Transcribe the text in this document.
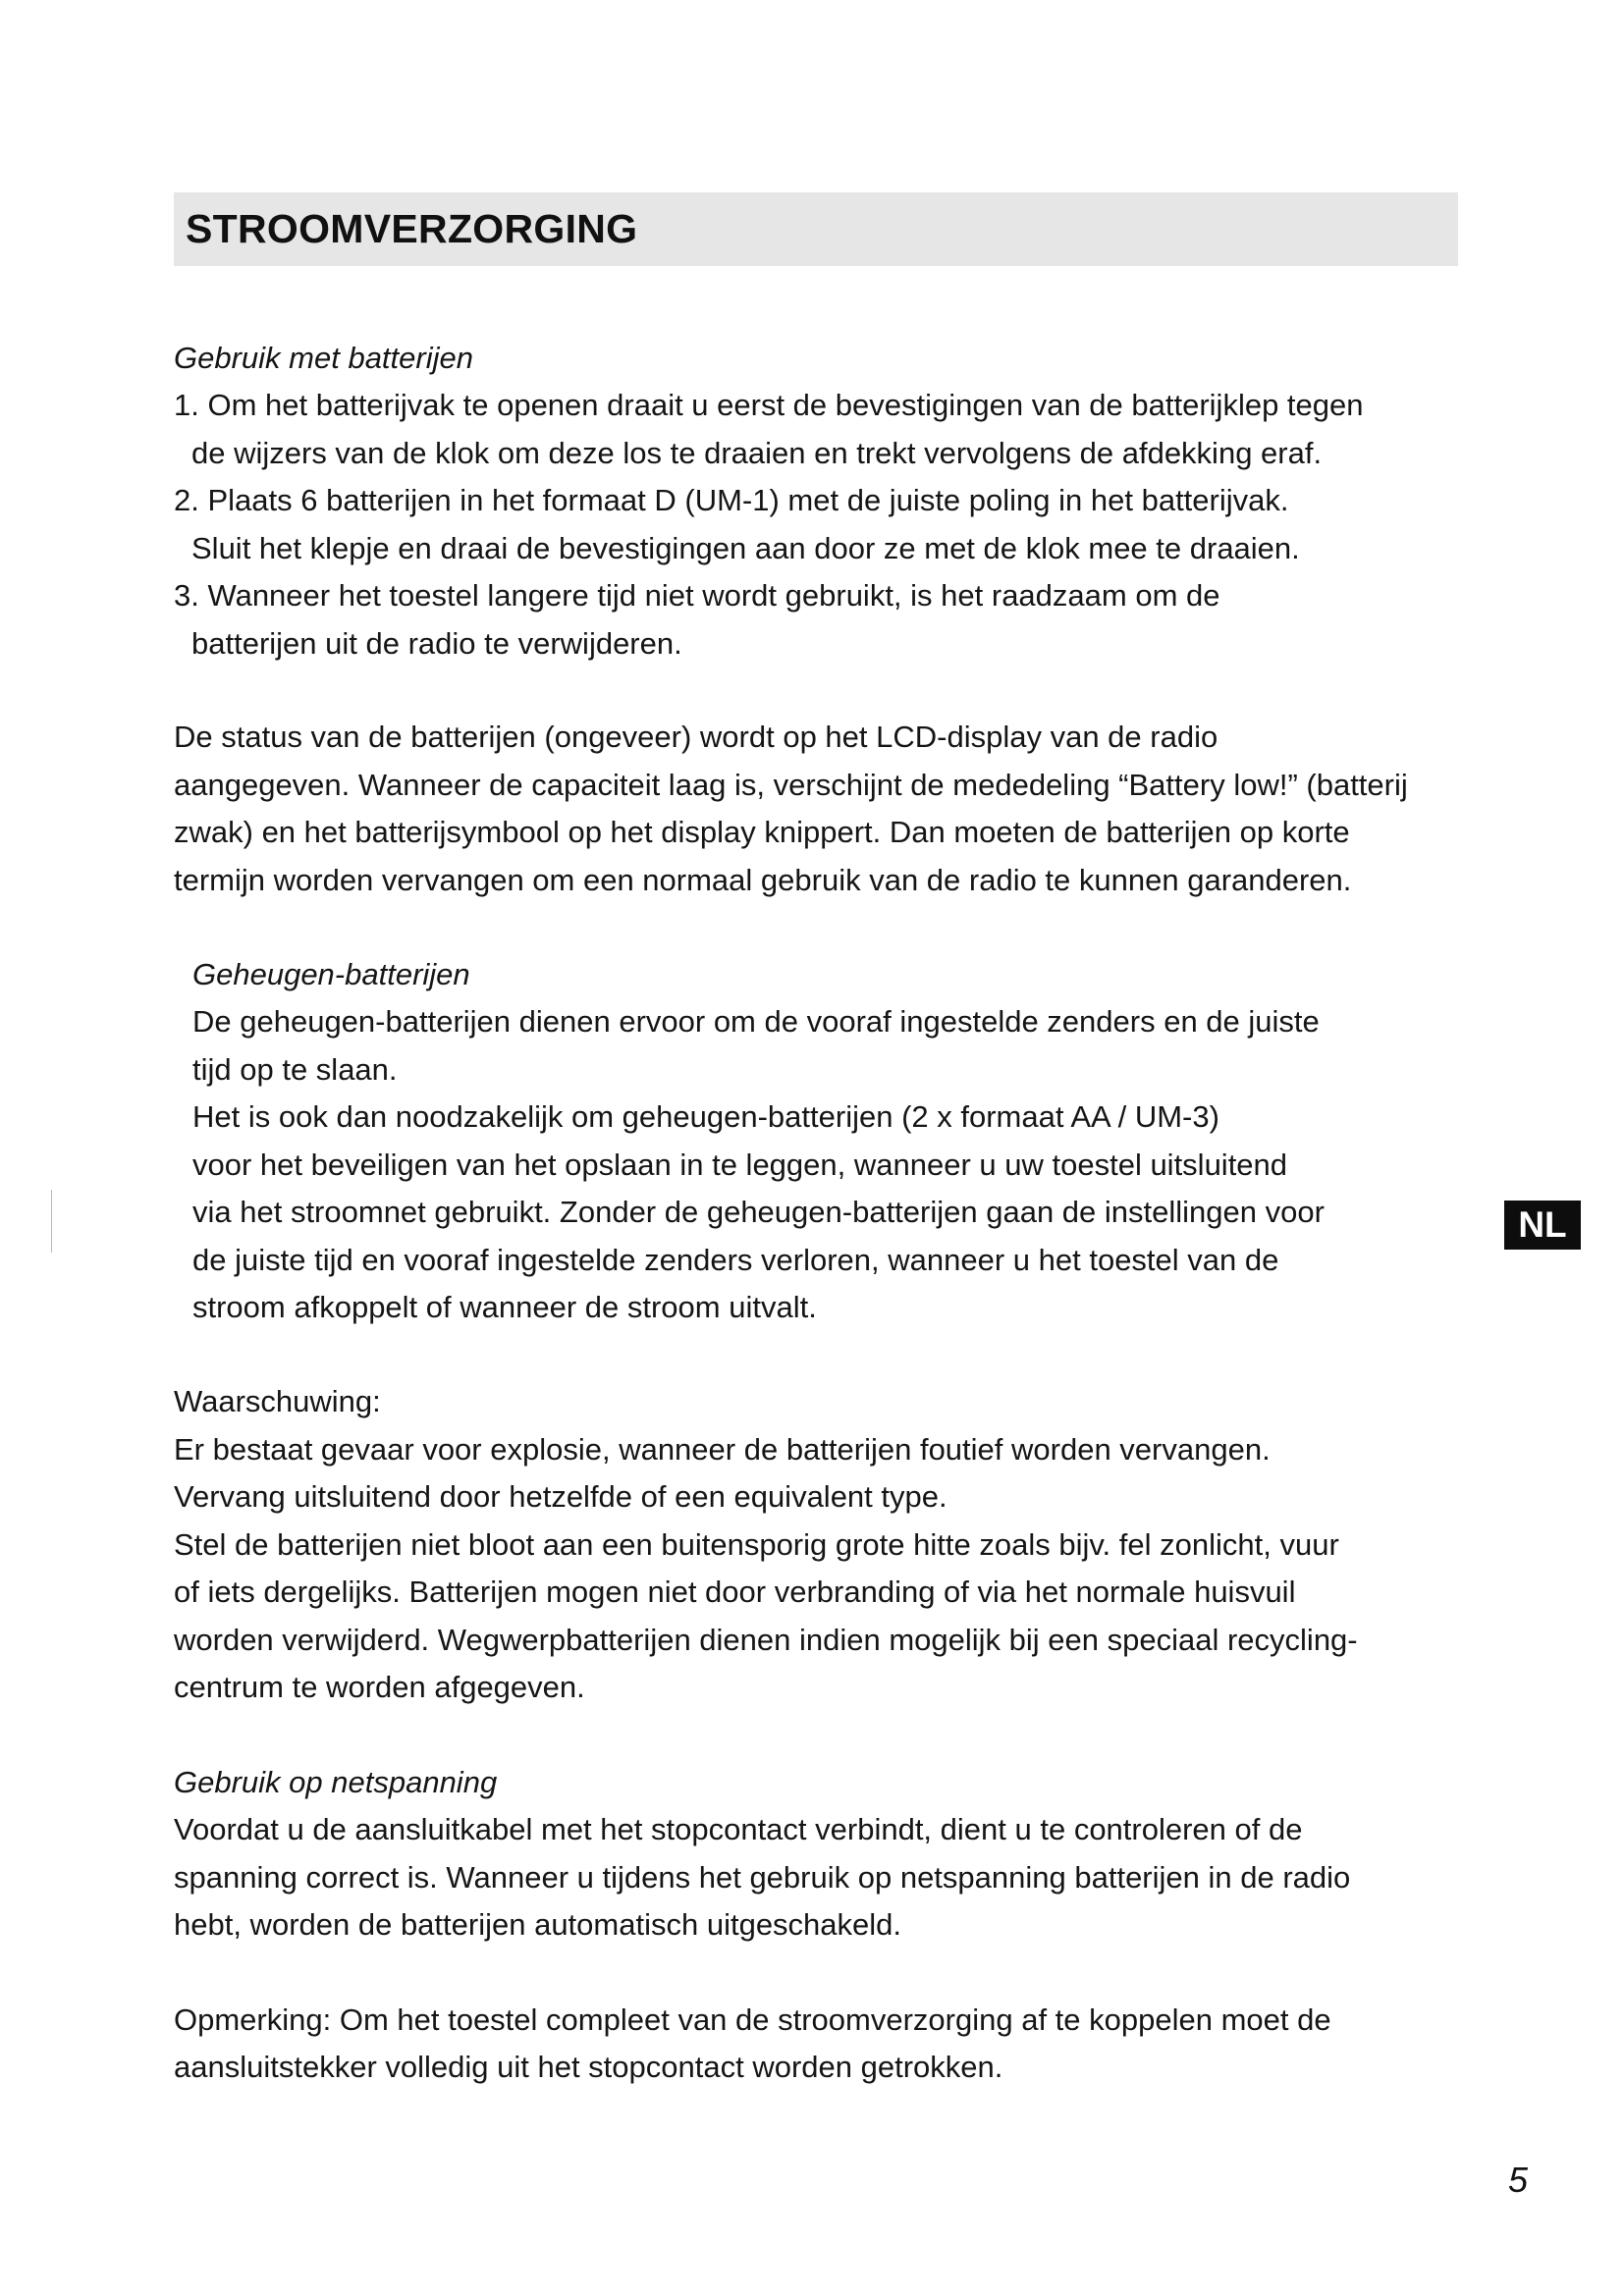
STROOMVERZORGING
Gebruik met batterijen
1. Om het batterijvak te openen draait u eerst de bevestigingen van de batterijklep tegen
de wijzers van de klok om deze los te draaien en trekt vervolgens de afdekking eraf.
2. Plaats 6 batterijen in het formaat D (UM-1) met de juiste poling in het batterijvak.
Sluit het klepje en draai de bevestigingen aan door ze met de klok mee te draaien.
3. Wanneer het toestel langere tijd niet wordt gebruikt, is het raadzaam om de
batterijen uit de radio te verwijderen.
De status van de batterijen (ongeveer) wordt op het LCD-display van de radio
aangegeven. Wanneer de capaciteit laag is, verschijnt de mededeling “Battery low!” (batterij
zwak) en het batterijsymbool op het display knippert. Dan moeten de batterijen op korte
termijn worden vervangen om een normaal gebruik van de radio te kunnen garanderen.
Geheugen-batterijen
De geheugen-batterijen dienen ervoor om de vooraf ingestelde zenders en de juiste
tijd op te slaan.
Het is ook dan noodzakelijk om geheugen-batterijen (2 x formaat AA / UM-3)
voor het beveiligen van het opslaan in te leggen, wanneer u uw toestel uitsluitend
via het stroomnet gebruikt. Zonder de geheugen-batterijen gaan de instellingen voor
de juiste tijd en vooraf ingestelde zenders verloren, wanneer u het toestel van de
stroom afkoppelt of wanneer de stroom uitvalt.
Waarschuwing:
Er bestaat gevaar voor explosie, wanneer de batterijen foutief worden vervangen.
Vervang uitsluitend door hetzelfde of een equivalent type.
Stel de batterijen niet bloot aan een buitensporig grote hitte zoals bijv. fel zonlicht, vuur
of iets dergelijks. Batterijen mogen niet door verbranding of via het normale huisvuil
worden verwijderd. Wegwerpbatterijen dienen indien mogelijk bij een speciaal recycling-
centrum te worden afgegeven.
Gebruik op netspanning
Voordat u de aansluitkabel met het stopcontact verbindt, dient u te controleren of de
spanning correct is. Wanneer u tijdens het gebruik op netspanning batterijen in de radio
hebt, worden de batterijen automatisch uitgeschakeld.
Opmerking: Om het toestel compleet van de stroomverzorging af te koppelen moet de
aansluitstekker volledig uit het stopcontact worden getrokken.
NL
5
